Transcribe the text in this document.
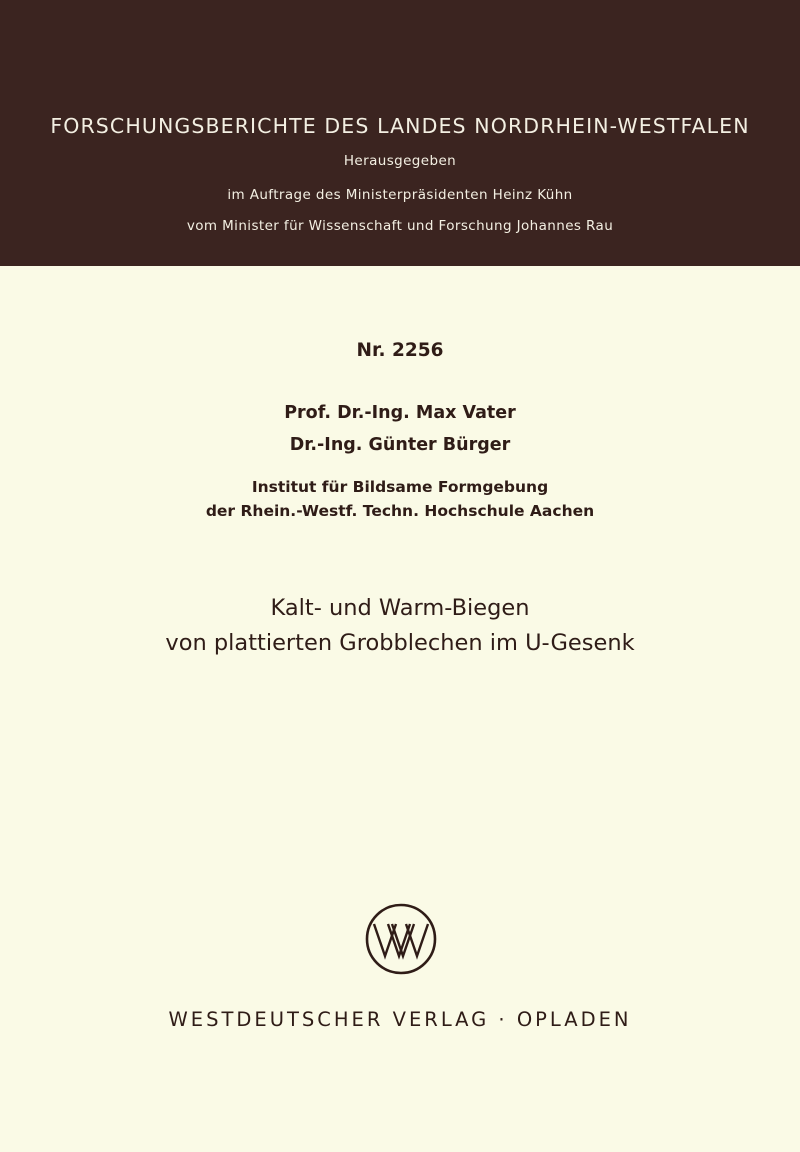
FORSCHUNGSBERICHTE DES LANDES NORDRHEIN-WESTFALEN
Herausgegeben
im Auftrage des Ministerpräsidenten Heinz Kühn
vom Minister für Wissenschaft und Forschung Johannes Rau
Nr. 2256
Prof. Dr.-Ing. Max Vater
Dr.-Ing. Günter Bürger
Institut für Bildsame Formgebung
der Rhein.-Westf. Techn. Hochschule Aachen
Kalt- und Warm-Biegen
von plattierten Grobblechen im U-Gesenk
WESTDEUTSCHER VERLAG · OPLADEN
